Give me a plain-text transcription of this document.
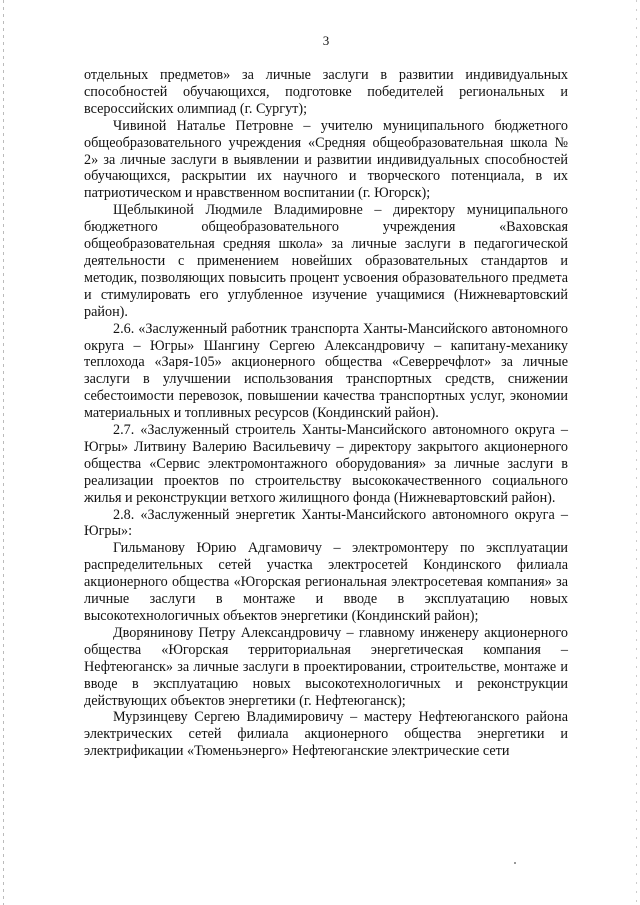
3

отдельных предметов» за личные заслуги в развитии индивидуальных способностей обучающихся, подготовке победителей региональных и всероссийских олимпиад (г. Сургут);

Чивиной Наталье Петровне – учителю муниципального бюджетного общеобразовательного учреждения «Средняя общеобразовательная школа № 2» за личные заслуги в выявлении и развитии индивидуальных способностей обучающихся, раскрытии их научного и творческого потенциала, в их патриотическом и нравственном воспитании (г. Югорск);

Щеблыкиной Людмиле Владимировне – директору муниципального бюджетного общеобразовательного учреждения «Ваховская общеобразовательная средняя школа» за личные заслуги в педагогической деятельности с применением новейших образовательных стандартов и методик, позволяющих повысить процент усвоения образовательного предмета и стимулировать его углубленное изучение учащимися (Нижневартовский район).

2.6. «Заслуженный работник транспорта Ханты-Мансийского автономного округа – Югры» Шангину Сергею Александровичу – капитану-механику теплохода «Заря-105» акционерного общества «Северречфлот» за личные заслуги в улучшении использования транспортных средств, снижении себестоимости перевозок, повышении качества транспортных услуг, экономии материальных и топливных ресурсов (Кондинский район).

2.7. «Заслуженный строитель Ханты-Мансийского автономного округа – Югры» Литвину Валерию Васильевичу – директору закрытого акционерного общества «Сервис электромонтажного оборудования» за личные заслуги в реализации проектов по строительству высококачественного социального жилья и реконструкции ветхого жилищного фонда (Нижневартовский район).

2.8. «Заслуженный энергетик Ханты-Мансийского автономного округа – Югры»:

Гильманову Юрию Адгамовичу – электромонтеру по эксплуатации распределительных сетей участка электросетей Кондинского филиала акционерного общества «Югорская региональная электросетевая компания» за личные заслуги в монтаже и вводе в эксплуатацию новых высокотехнологичных объектов энергетики (Кондинский район);

Дворянинову Петру Александровичу – главному инженеру акционерного общества «Югорская территориальная энергетическая компания – Нефтеюганск» за личные заслуги в проектировании, строительстве, монтаже и вводе в эксплуатацию новых высокотехнологичных и реконструкции действующих объектов энергетики (г. Нефтеюганск);

Мурзинцеву Сергею Владимировичу – мастеру Нефтеюганского района электрических сетей филиала акционерного общества энергетики и электрификации «Тюменьэнерго» Нефтеюганские электрические сети
